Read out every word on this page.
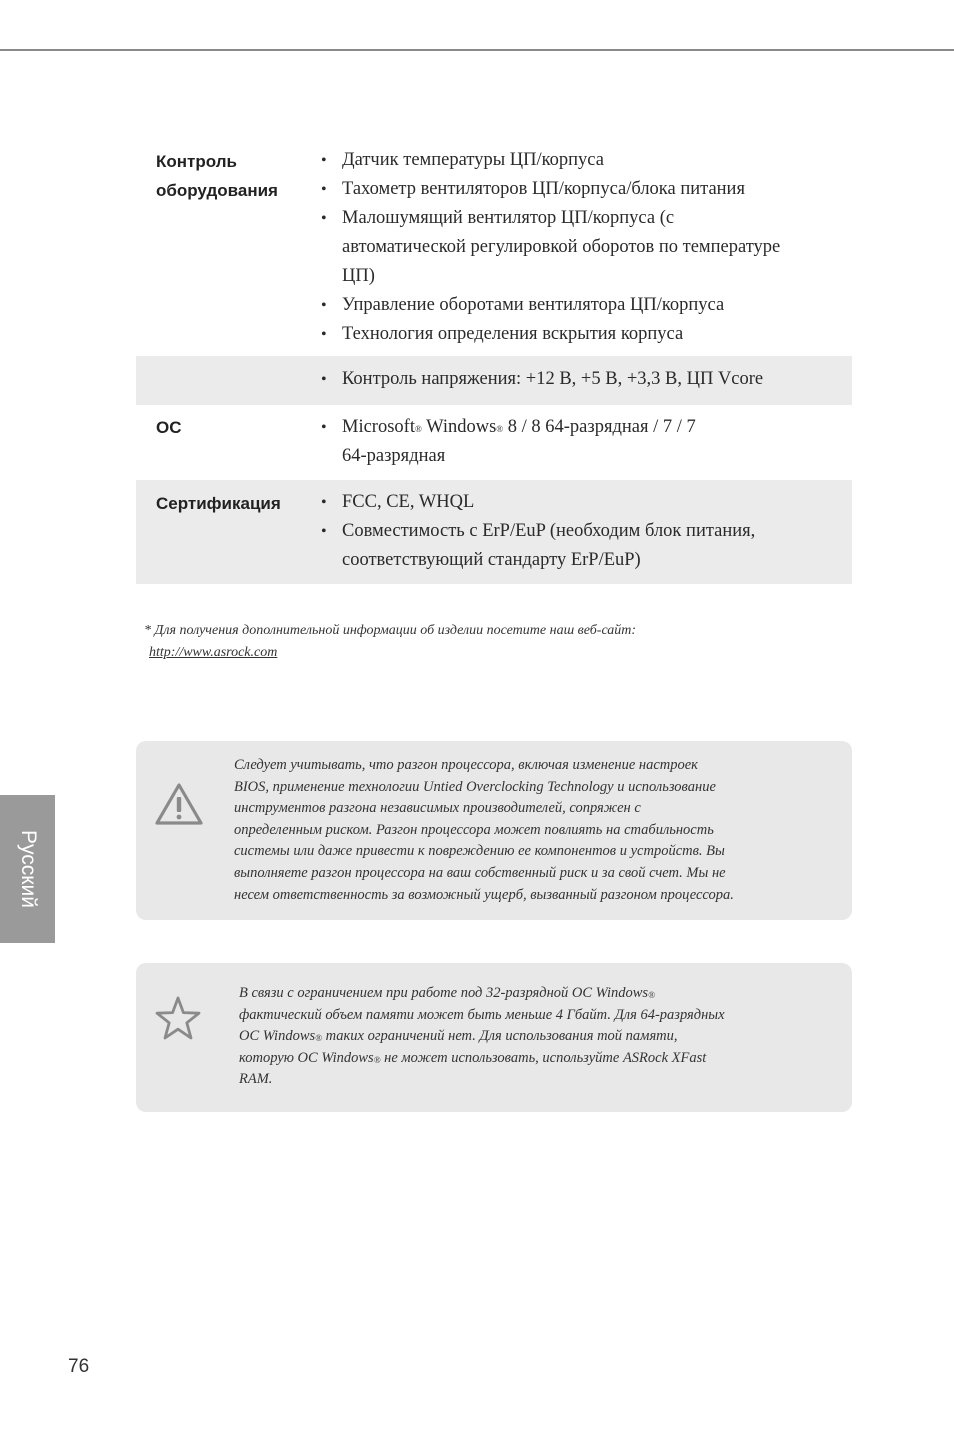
Контроль
оборудования
• Датчик температуры ЦП/корпуса
• Тахометр вентиляторов ЦП/корпуса/блока питания
• Малошумящий вентилятор ЦП/корпуса (с
автоматической регулировкой оборотов по температуре
ЦП)
• Управление оборотами вентилятора ЦП/корпуса
• Технология определения вскрытия корпуса
• Контроль напряжения: +12 В, +5 В, +3,3 В, ЦП Vcore
ОС	• Microsoft® Windows® 8 / 8 64-разрядная / 7 / 7
64-разрядная
Сертификация	• FCC, CE, WHQL
• Совместимость с ErP/EuP (необходим блок питания,
соответствующий стандарту ErP/EuP)
* Для получения дополнительной информации об изделии посетите наш веб-сайт:
http://www.asrock.com
Следует учитывать, что разгон процессора, включая изменение настроек
BIOS, применение технологии Untied Overclocking Technology и использование
инструментов разгона независимых производителей, сопряжен с
определенным риском. Разгон процессора может повлиять на стабильность
системы или даже привести к повреждению ее компонентов и устройств. Вы
выполняете разгон процессора на ваш собственный риск и за свой счет. Мы не
несем ответственность за возможный ущерб, вызванный разгоном процессора.
В связи с ограничением при работе под 32-разрядной ОС Windows®
фактический объем памяти может быть меньше 4 Гбайт. Для 64-разрядных
ОС Windows® таких ограничений нет. Для использования той памяти,
которую ОС Windows® не может использовать, используйте ASRock XFast
RAM.
Русский
76
